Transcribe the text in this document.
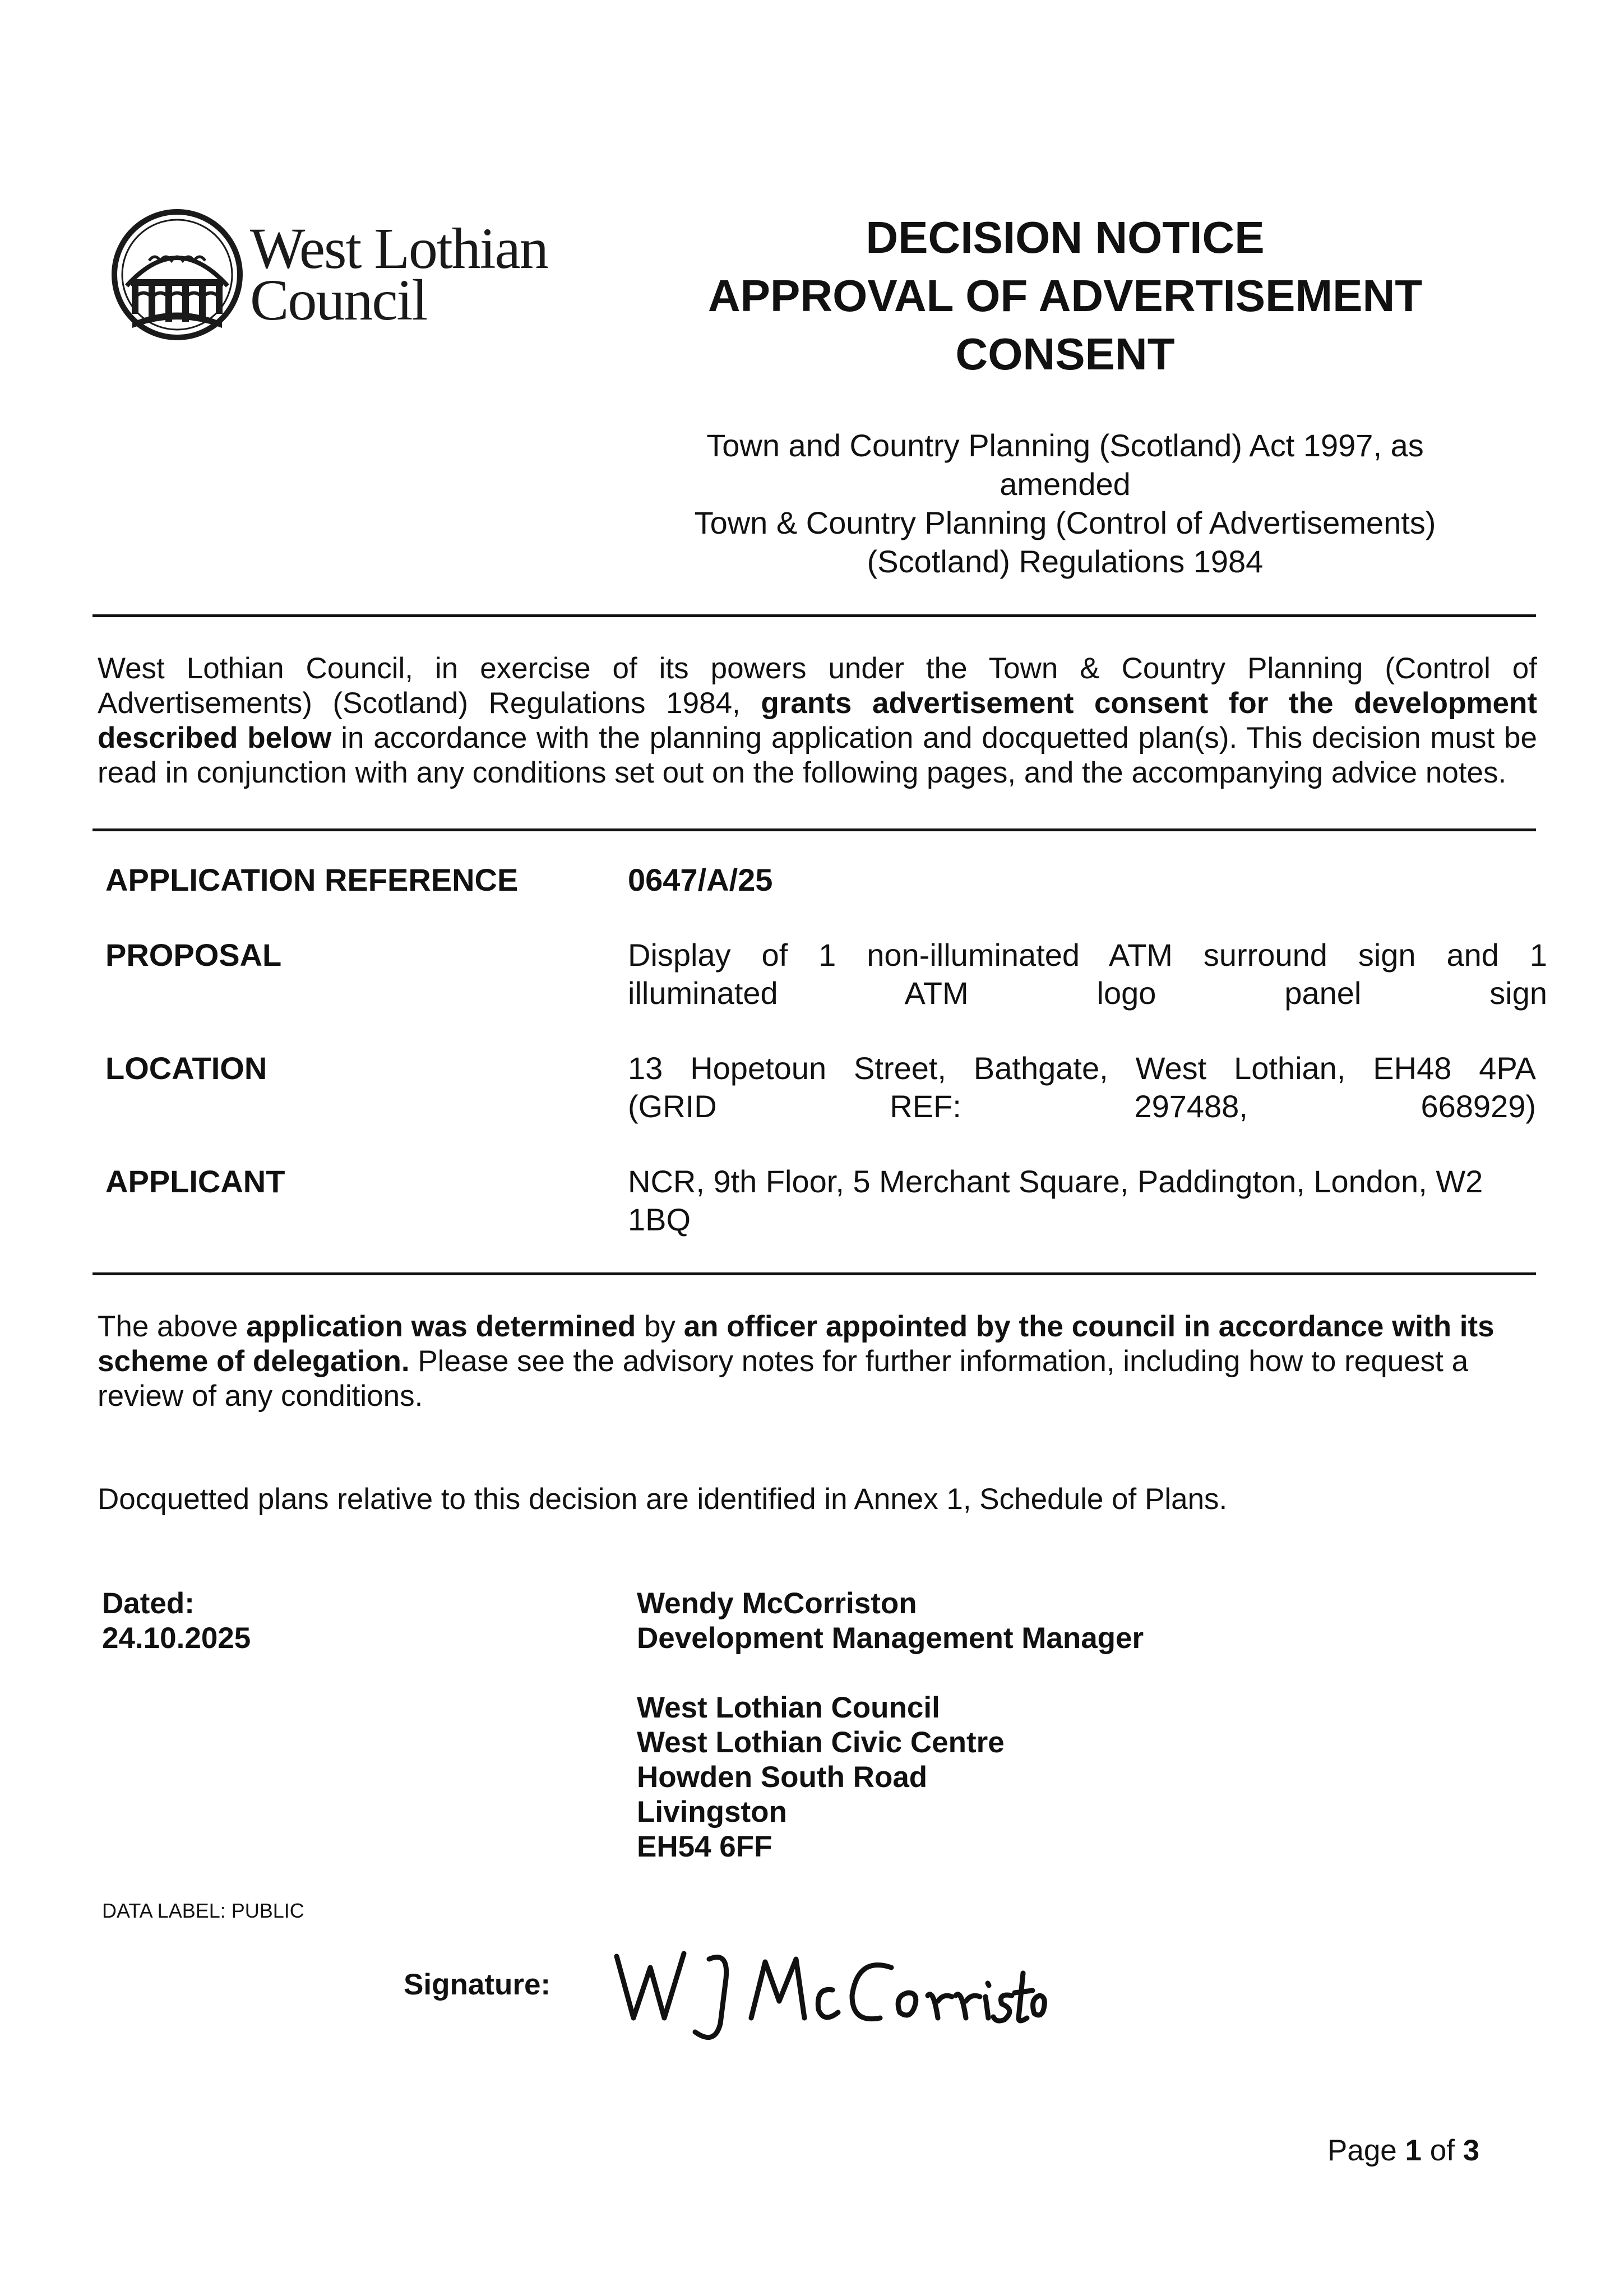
West Lothian
Council
DECISION NOTICE
APPROVAL OF ADVERTISEMENT
CONSENT
Town and Country Planning (Scotland) Act 1997, as
amended
Town & Country Planning (Control of Advertisements)
(Scotland) Regulations 1984
West Lothian Council, in exercise of its powers under the Town & Country Planning (Control of Advertisements) (Scotland) Regulations 1984, grants advertisement consent for the development described below in accordance with the planning application and docquetted plan(s). This decision must be read in conjunction with any conditions set out on the following pages, and the accompanying advice notes.
APPLICATION REFERENCE	0647/A/25
PROPOSAL	Display of 1 non-illuminated ATM surround sign and 1
illuminated ATM logo panel sign
LOCATION	13 Hopetoun Street, Bathgate, West Lothian, EH48 4PA
(GRID REF: 297488, 668929)
APPLICANT	NCR, 9th Floor, 5 Merchant Square, Paddington, London, W2
1BQ
The above application was determined by an officer appointed by the council in accordance with its scheme of delegation. Please see the advisory notes for further information, including how to request a review of any conditions.
Docquetted plans relative to this decision are identified in Annex 1, Schedule of Plans.
Dated:
24.10.2025
Wendy McCorriston
Development Management Manager
West Lothian Council
West Lothian Civic Centre
Howden South Road
Livingston
EH54 6FF
DATA LABEL: PUBLIC
Signature:
Page 1 of 3
